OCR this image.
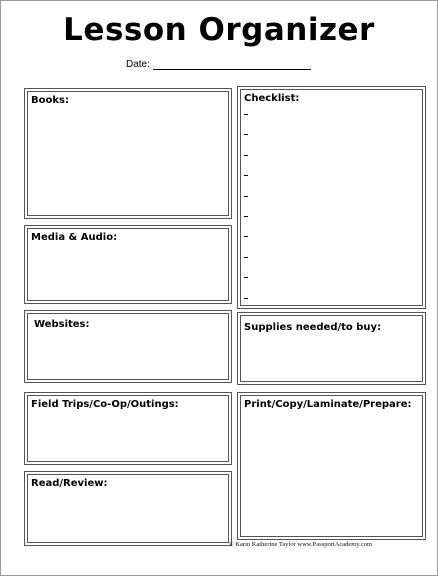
Lesson Organizer
Date:
Books:
Media & Audio:
Websites:
Field Trips/Co-Op/Outings:
Read/Review:
Checklist:
Supplies needed/to buy:
Print/Copy/Laminate/Prepare:
© Karin Katherine Taylor www.PassportAcademy.com
